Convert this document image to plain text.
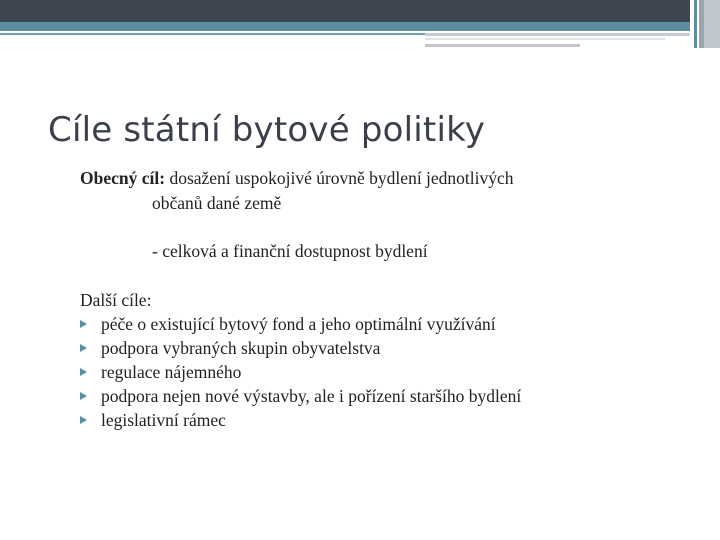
Cíle státní bytové politiky

Obecný cíl: dosažení uspokojivé úrovně bydlení jednotlivých

občanů dané země

- celková a finanční dostupnost bydlení

Další cíle:

péče o existující bytový fond a jeho optimální využívání
podpora vybraných skupin obyvatelstva
regulace nájemného
podpora nejen nové výstavby, ale i pořízení staršího bydlení
legislativní rámec
